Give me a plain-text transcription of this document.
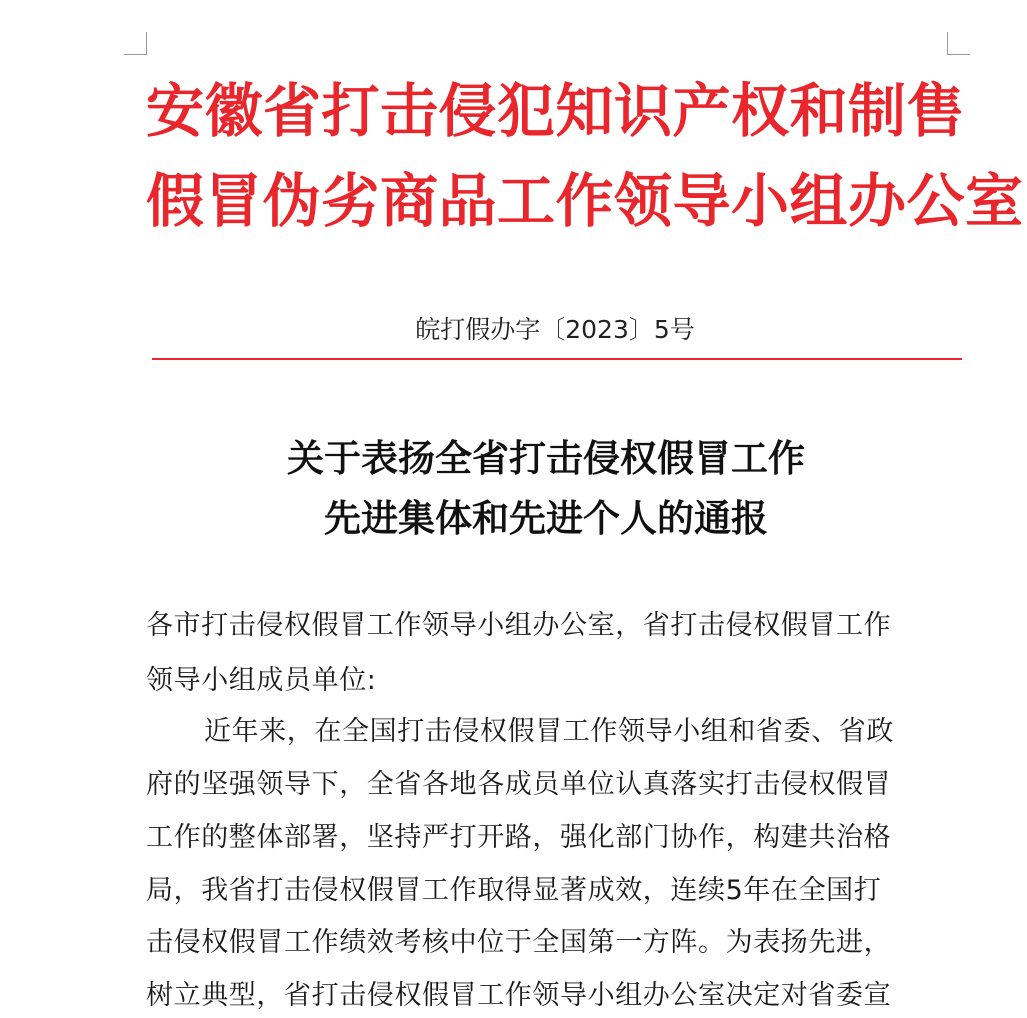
安徽省打击侵犯知识产权和制售
假冒伪劣商品工作领导小组办公室
皖打假办字〔2023〕5号
关于表扬全省打击侵权假冒工作
先进集体和先进个人的通报

各市打击侵权假冒工作领导小组办公室，省打击侵权假冒工作

领导小组成员单位:

近年来，在全国打击侵权假冒工作领导小组和省委、省政

府的坚强领导下，全省各地各成员单位认真落实打击侵权假冒

工作的整体部署，坚持严打开路，强化部门协作，构建共治格

局，我省打击侵权假冒工作取得显著成效，连续5年在全国打

击侵权假冒工作绩效考核中位于全国第一方阵。为表扬先进，

树立典型，省打击侵权假冒工作领导小组办公室决定对省委宣
